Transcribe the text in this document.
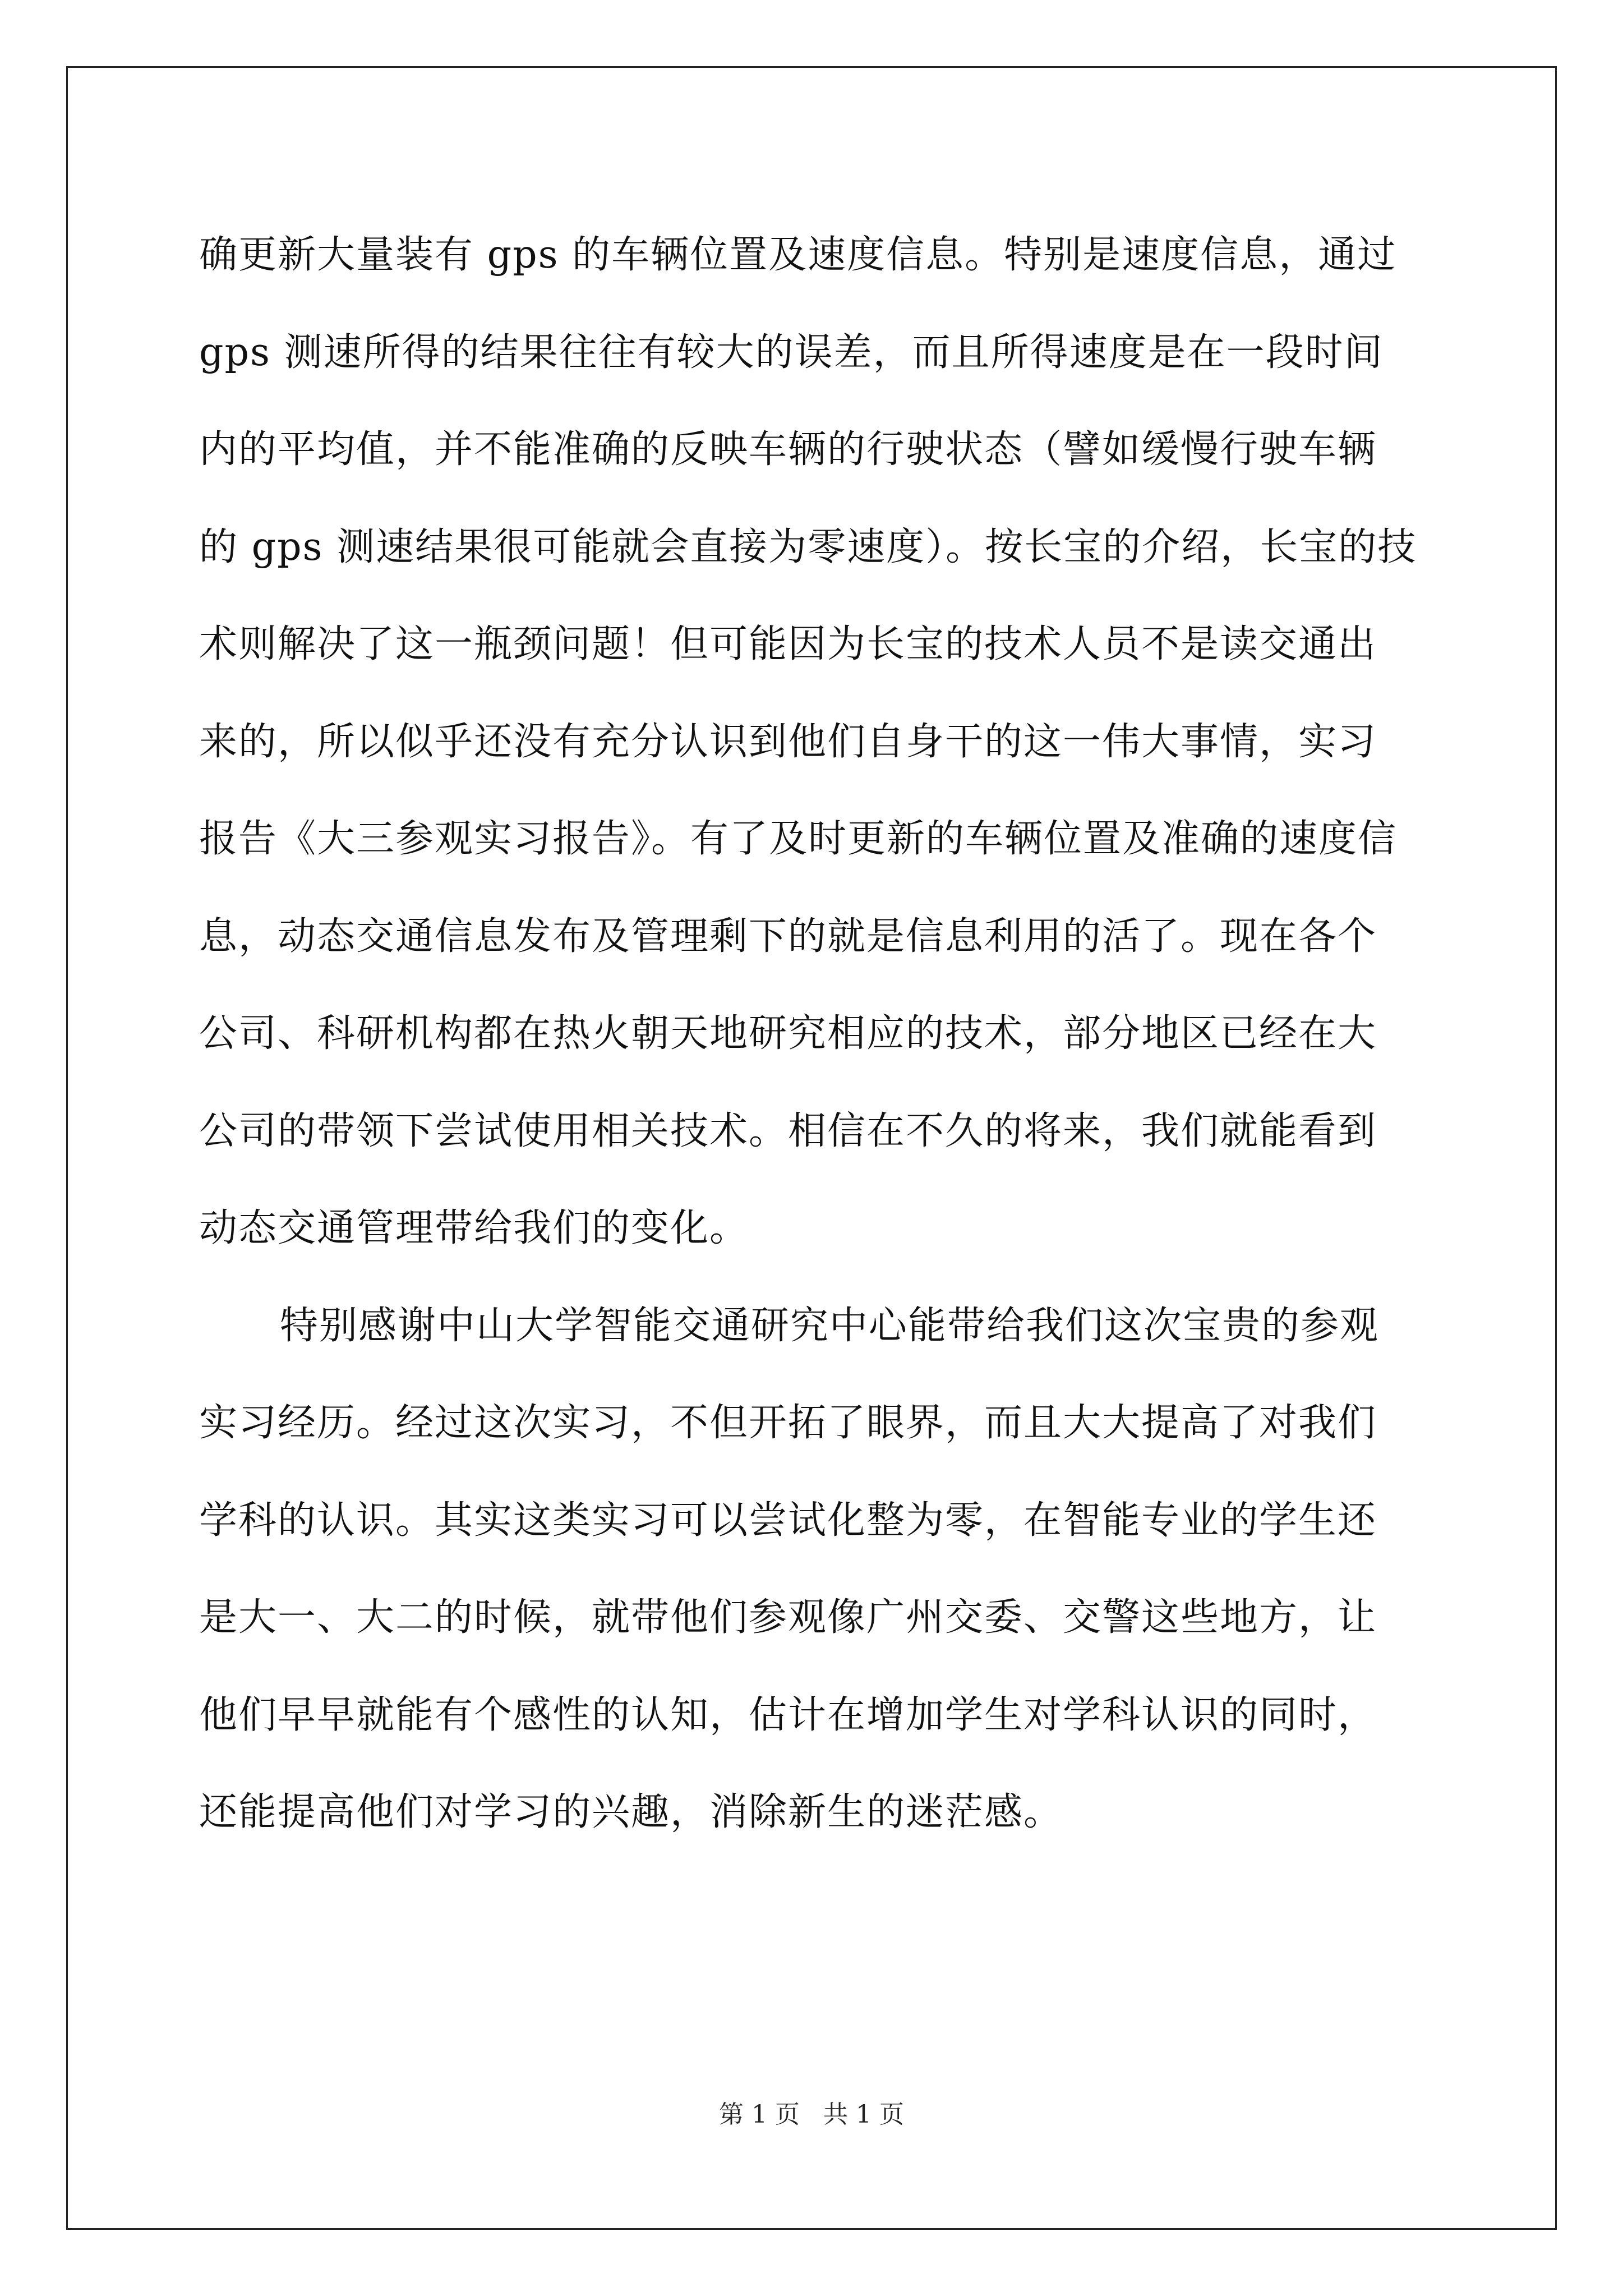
确更新大量装有 gps 的车辆位置及速度信息。特别是速度信息，通过
gps 测速所得的结果往往有较大的误差，而且所得速度是在一段时间
内的平均值，并不能准确的反映车辆的行驶状态（譬如缓慢行驶车辆
的 gps 测速结果很可能就会直接为零速度）。按长宝的介绍，长宝的技
术则解决了这一瓶颈问题！但可能因为长宝的技术人员不是读交通出
来的，所以似乎还没有充分认识到他们自身干的这一伟大事情，实习
报告《大三参观实习报告》。有了及时更新的车辆位置及准确的速度信
息，动态交通信息发布及管理剩下的就是信息利用的活了。现在各个
公司、科研机构都在热火朝天地研究相应的技术，部分地区已经在大
公司的带领下尝试使用相关技术。相信在不久的将来，我们就能看到
动态交通管理带给我们的变化。

特别感谢中山大学智能交通研究中心能带给我们这次宝贵的参观
实习经历。经过这次实习，不但开拓了眼界，而且大大提高了对我们
学科的认识。其实这类实习可以尝试化整为零，在智能专业的学生还
是大一、大二的时候，就带他们参观像广州交委、交警这些地方，让
他们早早就能有个感性的认知，估计在增加学生对学科认识的同时，
还能提高他们对学习的兴趣，消除新生的迷茫感。

第 1 页   共 1 页
